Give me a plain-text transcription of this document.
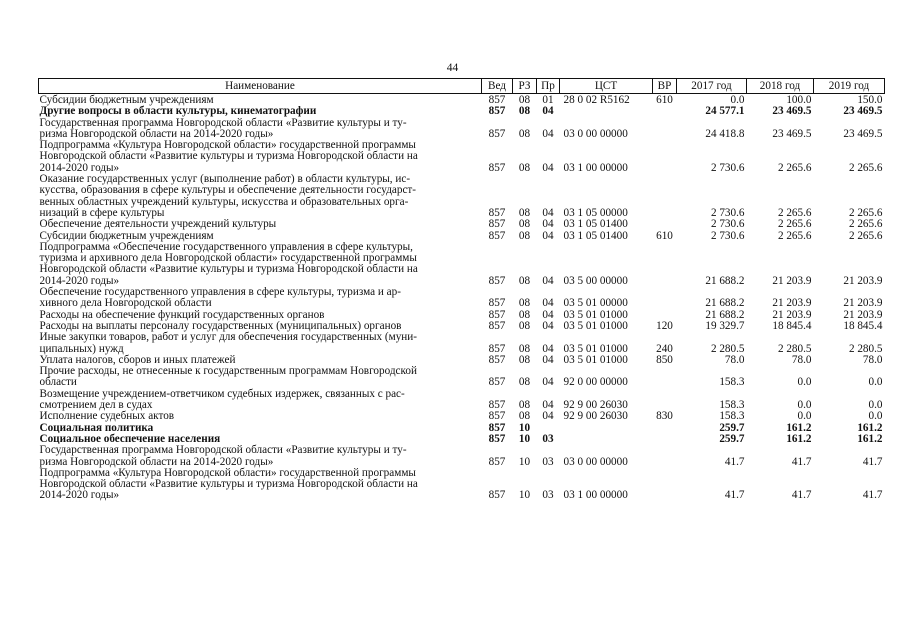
44
Наименование	Вед	РЗ	Пр	ЦСТ	ВР	2017 год	2018 год	2019 год
Субсидии бюджетным учреждениям	857	08	01	28 0 02 R5162	610	0.0	100.0	150.0
Другие вопросы в области культуры, кинематографии	857	08	04			24 577.1	23 469.5	23 469.5
Государственная программа Новгородской области «Развитие культуры и ту-
ризма Новгородской области на 2014-2020 годы»	857	08	04	03 0 00 00000		24 418.8	23 469.5	23 469.5
Подпрограмма «Культура Новгородской области» государственной программы
Новгородской области «Развитие культуры и туризма Новгородской области на
2014-2020 годы»	857	08	04	03 1 00 00000		2 730.6	2 265.6	2 265.6
Оказание государственных услуг (выполнение работ) в области культуры, ис-
кусства, образования в сфере культуры и обеспечение деятельности государст-
венных областных учреждений культуры, искусства и образовательных орга-
низаций в сфере культуры	857	08	04	03 1 05 00000		2 730.6	2 265.6	2 265.6
Обеспечение деятельности учреждений культуры	857	08	04	03 1 05 01400		2 730.6	2 265.6	2 265.6
Субсидии бюджетным учреждениям	857	08	04	03 1 05 01400	610	2 730.6	2 265.6	2 265.6
Подпрограмма «Обеспечение государственного управления в сфере культуры,
туризма и архивного дела Новгородской области» государственной программы
Новгородской области «Развитие культуры и туризма Новгородской области на
2014-2020 годы»	857	08	04	03 5 00 00000		21 688.2	21 203.9	21 203.9
Обеспечение государственного управления в сфере культуры, туризма и ар-
хивного дела Новгородской области	857	08	04	03 5 01 00000		21 688.2	21 203.9	21 203.9
Расходы на обеспечение функций государственных органов	857	08	04	03 5 01 01000		21 688.2	21 203.9	21 203.9
Расходы на выплаты персоналу государственных (муниципальных) органов	857	08	04	03 5 01 01000	120	19 329.7	18 845.4	18 845.4
Иные закупки товаров, работ и услуг для обеспечения государственных (муни-
ципальных) нужд	857	08	04	03 5 01 01000	240	2 280.5	2 280.5	2 280.5
Уплата налогов, сборов и иных платежей	857	08	04	03 5 01 01000	850	78.0	78.0	78.0
Прочие расходы, не отнесенные к государственным программам Новгородской
области	857	08	04	92 0 00 00000		158.3	0.0	0.0
Возмещение учреждением-ответчиком судебных издержек, связанных с рас-
смотрением дел в судах	857	08	04	92 9 00 26030		158.3	0.0	0.0
Исполнение судебных актов	857	08	04	92 9 00 26030	830	158.3	0.0	0.0
Социальная политика	857	10				259.7	161.2	161.2
Социальное обеспечение населения	857	10	03			259.7	161.2	161.2
Государственная программа Новгородской области «Развитие культуры и ту-
ризма Новгородской области на 2014-2020 годы»	857	10	03	03 0 00 00000		41.7	41.7	41.7
Подпрограмма «Культура Новгородской области» государственной программы
Новгородской области «Развитие культуры и туризма Новгородской области на
2014-2020 годы»	857	10	03	03 1 00 00000		41.7	41.7	41.7
